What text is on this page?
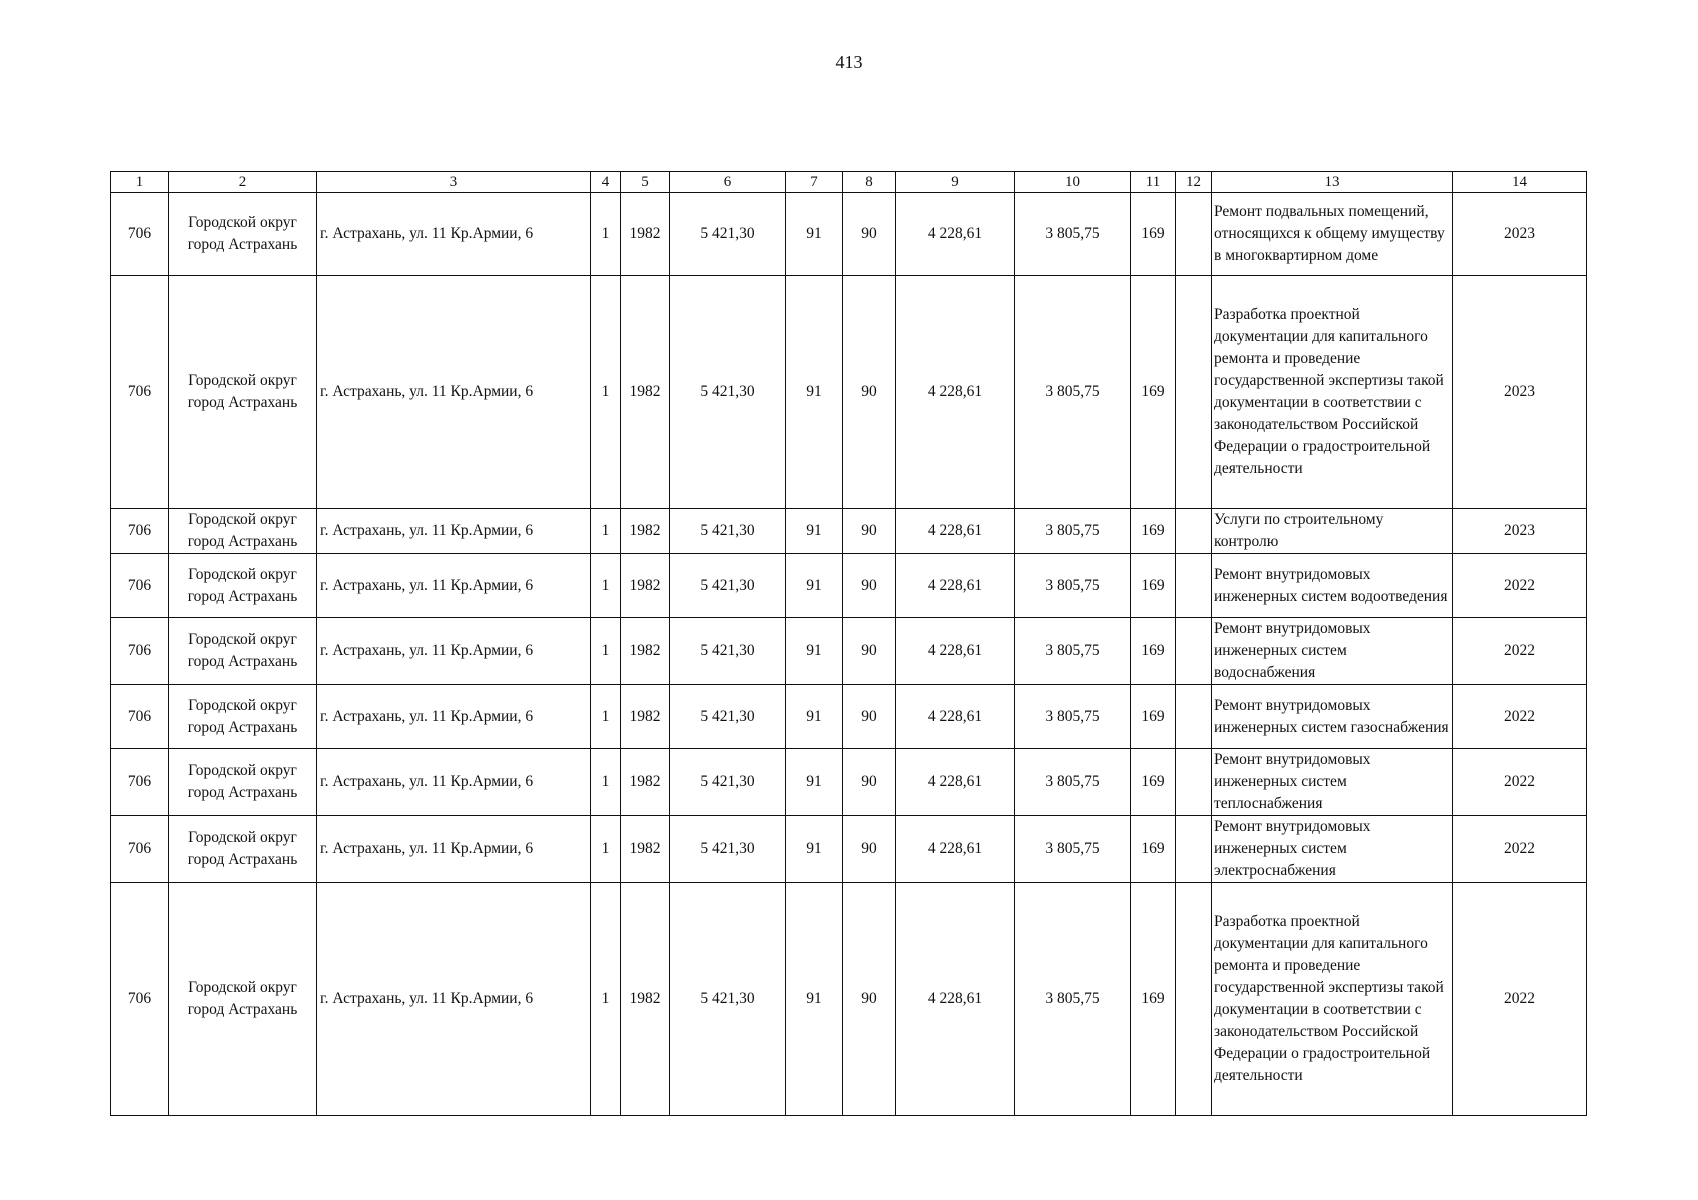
413
1	2	3	4	5	6	7	8	9	10	11	12	13	14
706	Городской округ город Астрахань	г. Астрахань, ул. 11 Кр.Армии, 6	1	1982	5 421,30	91	90	4 228,61	3 805,75	169		Ремонт подвальных помещений, относящихся к общему имуществу в многоквартирном доме	2023
706	Городской округ город Астрахань	г. Астрахань, ул. 11 Кр.Армии, 6	1	1982	5 421,30	91	90	4 228,61	3 805,75	169		Разработка проектной документации для капитального ремонта и проведение государственной экспертизы такой документации в соответствии с законодательством Российской Федерации о градостроительной деятельности	2023
706	Городской округ город Астрахань	г. Астрахань, ул. 11 Кр.Армии, 6	1	1982	5 421,30	91	90	4 228,61	3 805,75	169		Услуги по строительному контролю	2023
706	Городской округ город Астрахань	г. Астрахань, ул. 11 Кр.Армии, 6	1	1982	5 421,30	91	90	4 228,61	3 805,75	169		Ремонт внутридомовых инженерных систем водоотведения	2022
706	Городской округ город Астрахань	г. Астрахань, ул. 11 Кр.Армии, 6	1	1982	5 421,30	91	90	4 228,61	3 805,75	169		Ремонт внутридомовых инженерных систем водоснабжения	2022
706	Городской округ город Астрахань	г. Астрахань, ул. 11 Кр.Армии, 6	1	1982	5 421,30	91	90	4 228,61	3 805,75	169		Ремонт внутридомовых инженерных систем газоснабжения	2022
706	Городской округ город Астрахань	г. Астрахань, ул. 11 Кр.Армии, 6	1	1982	5 421,30	91	90	4 228,61	3 805,75	169		Ремонт внутридомовых инженерных систем теплоснабжения	2022
706	Городской округ город Астрахань	г. Астрахань, ул. 11 Кр.Армии, 6	1	1982	5 421,30	91	90	4 228,61	3 805,75	169		Ремонт внутридомовых инженерных систем электроснабжения	2022
706	Городской округ город Астрахань	г. Астрахань, ул. 11 Кр.Армии, 6	1	1982	5 421,30	91	90	4 228,61	3 805,75	169		Разработка проектной документации для капитального ремонта и проведение государственной экспертизы такой документации в соответствии с законодательством Российской Федерации о градостроительной деятельности	2022
